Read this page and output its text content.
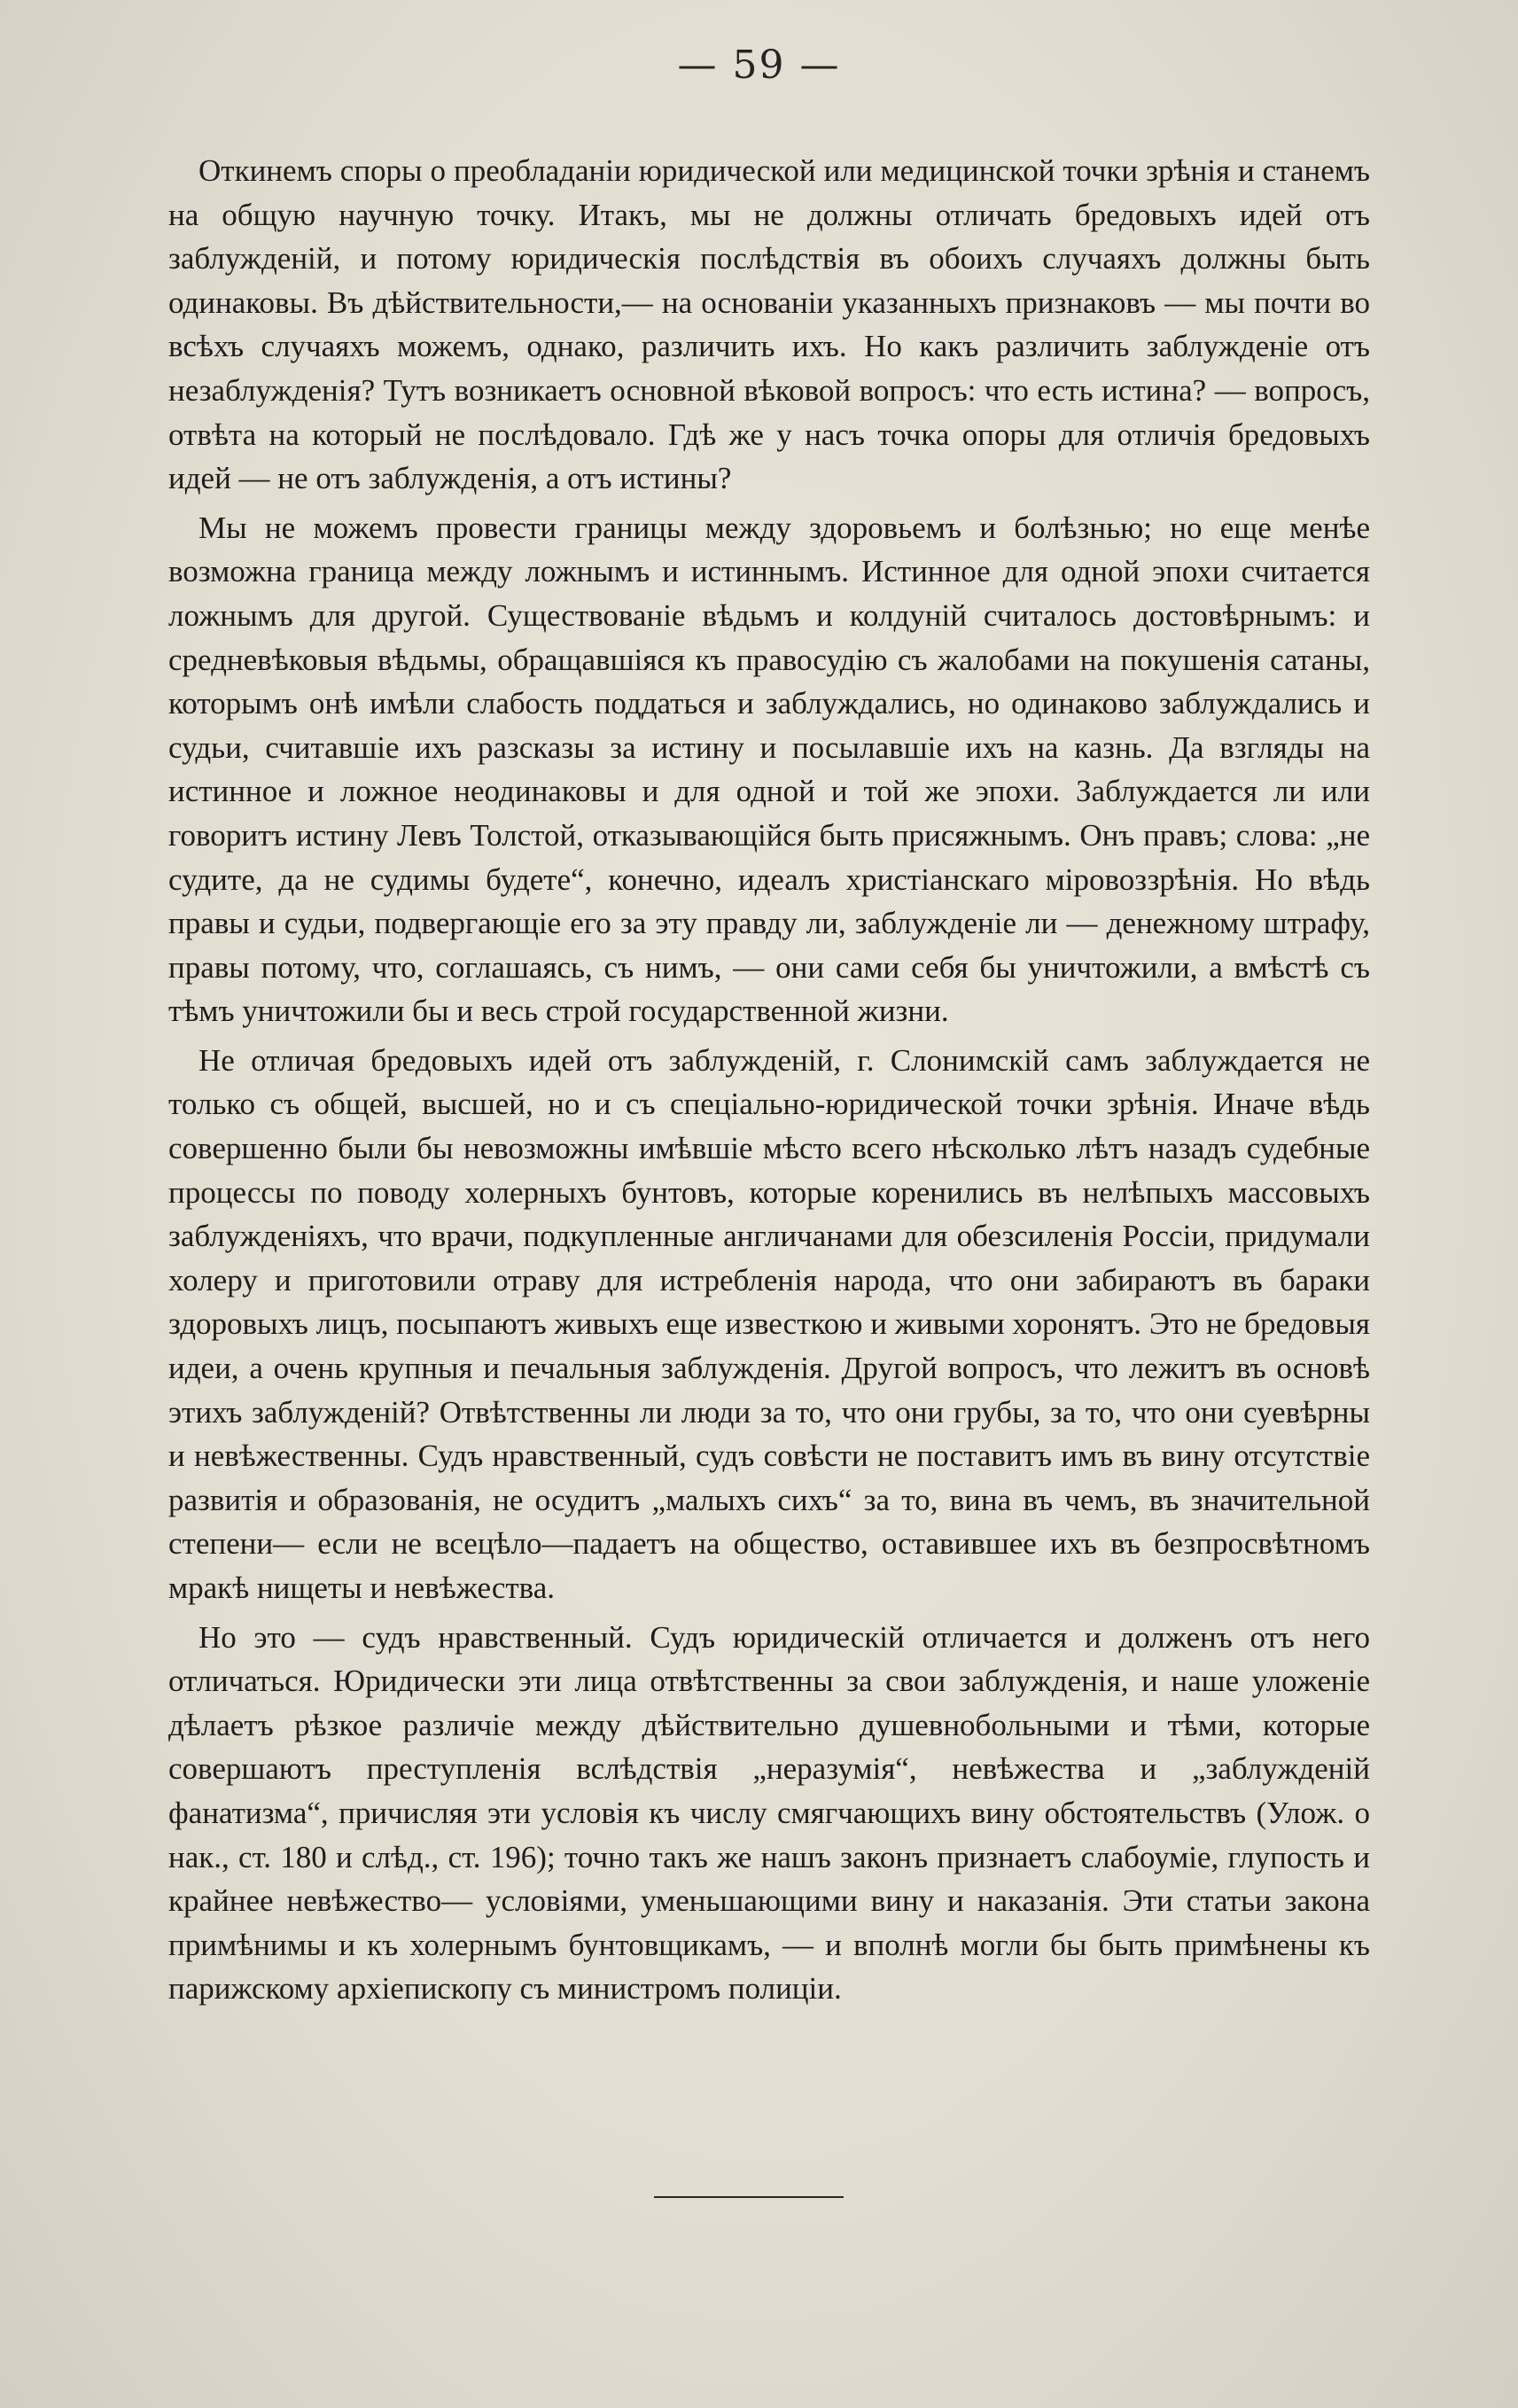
— 59 —

Откинемъ споры о преобладаніи юридической или медицинской точки зрѣнія и станемъ на общую научную точку. Итакъ, мы не должны отличать бредовыхъ идей отъ заблужденій, и потому юридическія послѣдствія въ обоихъ случаяхъ должны быть одинаковы. Въ дѣйствительности,— на основаніи указанныхъ признаковъ — мы почти во всѣхъ случаяхъ можемъ, однако, различить ихъ. Но какъ различить заблужденіе отъ незаблужденія? Тутъ возникаетъ основной вѣковой вопросъ: что есть истина? — вопросъ, отвѣта на который не послѣдовало. Гдѣ же у насъ точка опоры для отличія бредовыхъ идей — не отъ заблужденія, а отъ истины?

Мы не можемъ провести границы между здоровьемъ и болѣзнью; но еще менѣе возможна граница между ложнымъ и истиннымъ. Истинное для одной эпохи считается ложнымъ для другой. Существованіе вѣдьмъ и колдуній считалось достовѣрнымъ: и средневѣковыя вѣдьмы, обращавшіяся къ правосудію съ жалобами на покушенія сатаны, которымъ онѣ имѣли слабость поддаться и заблуждались, но одинаково заблуждались и судьи, считавшіе ихъ разсказы за истину и посылавшіе ихъ на казнь. Да взгляды на истинное и ложное неодинаковы и для одной и той же эпохи. Заблуждается ли или говоритъ истину Левъ Толстой, отказывающійся быть присяжнымъ. Онъ правъ; слова: „не судите, да не судимы будете“, конечно, идеалъ христіанскаго міровоззрѣнія. Но вѣдь правы и судьи, подвергающіе его за эту правду ли, заблужденіе ли — денежному штрафу, правы потому, что, соглашаясь, съ нимъ, — они сами себя бы уничтожили, а вмѣстѣ съ тѣмъ уничтожили бы и весь строй государственной жизни.

Не отличая бредовыхъ идей отъ заблужденій, г. Слонимскій самъ заблуждается не только съ общей, высшей, но и съ спеціально-юридической точки зрѣнія. Иначе вѣдь совершенно были бы невозможны имѣвшіе мѣсто всего нѣсколько лѣтъ назадъ судебные процессы по поводу холерныхъ бунтовъ, которые коренились въ нелѣпыхъ массовыхъ заблужденіяхъ, что врачи, подкупленные англичанами для обезсиленія Россіи, придумали холеру и приготовили отраву для истребленія народа, что они забираютъ въ бараки здоровыхъ лицъ, посыпаютъ живыхъ еще известкою и живыми хоронятъ. Это не бредовыя идеи, а очень крупныя и печальныя заблужденія. Другой вопросъ, что лежитъ въ основѣ этихъ заблужденій? Отвѣтственны ли люди за то, что они грубы, за то, что они суевѣрны и невѣжественны. Судъ нравственный, судъ совѣсти не поставитъ имъ въ вину отсутствіе развитія и образованія, не осудитъ „малыхъ сихъ“ за то, вина въ чемъ, въ значительной степени— если не всецѣло—падаетъ на общество, оставившее ихъ въ безпросвѣтномъ мракѣ нищеты и невѣжества.

Но это — судъ нравственный. Судъ юридическій отличается и долженъ отъ него отличаться. Юридически эти лица отвѣтственны за свои заблужденія, и наше уложеніе дѣлаетъ рѣзкое различіе между дѣйствительно душевнобольными и тѣми, которые совершаютъ преступленія вслѣдствія „неразумія“, невѣжества и „заблужденій фанатизма“, причисляя эти условія къ числу смягчающихъ вину обстоятельствъ (Улож. о нак., ст. 180 и слѣд., ст. 196); точно такъ же нашъ законъ признаетъ слабоуміе, глупость и крайнее невѣжество— условіями, уменьшающими вину и наказанія. Эти статьи закона примѣнимы и къ холернымъ бунтовщикамъ, — и вполнѣ могли бы быть примѣнены къ парижскому архіепископу съ министромъ полиціи.
